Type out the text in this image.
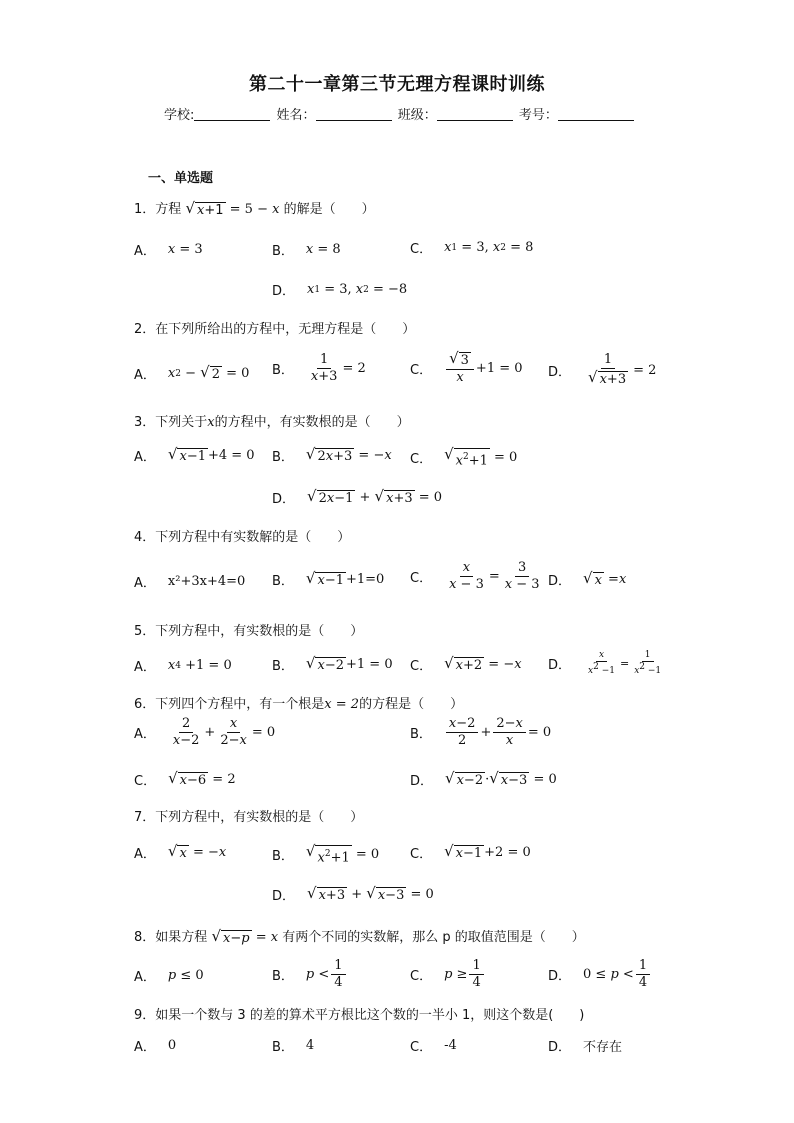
第二十一章第三节无理方程课时训练
学校:	姓名：	班级：	考号：
一、单选题
1．方程 √ x+1 = 5 − x 的解是（　　）
A． x = 3	B． x = 8	C． x 1 = 3, x 2 = 8
D． x 1 = 3, x 2 = −8
2．在下列所给出的方程中，无理方程是（　　）
A． x 2 − √ 2 = 0 B． $\frac{1}{x+3} = 2$	C． $\frac{√ 3}{x} +1 = 0$ D． $\frac{1}{√ x+3} = 2$
3．下列关于x的方程中，有实数根的是（　　）
A． √ x−1 +4 = 0 B． √ 2x+3 = − x C． √ $x^2+1 = 0$
D． √ 2x−1 + √ x+3 = 0
4．下列方程中有实数解的是（　　）
A． x²+3x+4=0 B． √ x−1 +1=0 C． $\frac{x}{x - 3} = \frac{3}{x - 3}$ D． √ x = x
5．下列方程中，有实数根的是（　　）
A． x 4 +1 = 0	B． √ x−2 +1 = 0 C． √ x+2 = − x D． $\frac{x}{x^2 -1} = \frac{1}{x^2 -1}$
6．下列四个方程中，有一个根是x = 2的方程是（　　）
A． $\frac{2}{x-2} + \frac{x}{2-x} = 0$	B． $\frac{x-2}{2} + \frac{2-x}{x} = 0$
C． √ x−6 = 2	D． √ x−2 · √ x−3 = 0
7．下列方程中，有实数根的是（　　）
A． √ x = − x	B． √ $x^2+1 = 0$ C． √ x−1 +2 = 0
D． √ x+3 + √ x−3 = 0
8．如果方程 √ x−p = x 有两个不同的实数解，那么 p 的取值范围是（　　）
A． p ≤ 0	B． $p < \frac{1}{4}$	C． $p \ge \frac{1}{4}$	D． $0 \le p < \frac{1}{4}$
9．如果一个数与 3 的差的算术平方根比这个数的一半小 1，则这个数是(　　)
A． 0	B． 4	C． -4	D． 不存在
